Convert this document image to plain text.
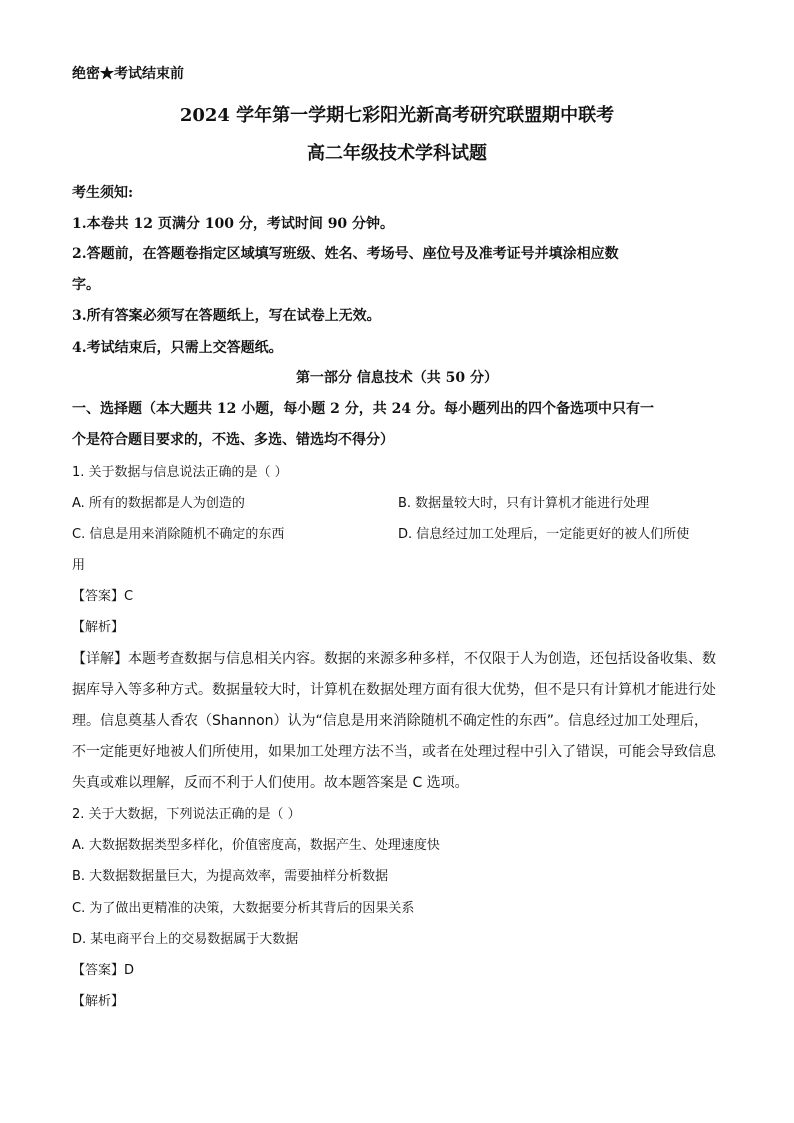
绝密★考试结束前
2024 学年第一学期七彩阳光新高考研究联盟期中联考
高二年级技术学科试题
考生须知:
1.本卷共 12 页满分 100 分，考试时间 90 分钟。
2.答题前，在答题卷指定区域填写班级、姓名、考场号、座位号及准考证号并填涂相应数
字。
3.所有答案必须写在答题纸上，写在试卷上无效。
4.考试结束后，只需上交答题纸。
第一部分 信息技术（共 50 分）
一、选择题（本大题共 12 小题，每小题 2 分，共 24 分。每小题列出的四个备选项中只有一
个是符合题目要求的，不选、多选、错选均不得分）
1. 关于数据与信息说法正确的是（ ）
A. 所有的数据都是人为创造的	B. 数据量较大时，只有计算机才能进行处理
C. 信息是用来消除随机不确定的东西	D. 信息经过加工处理后，一定能更好的被人们所使
用
【答案】C
【解析】
【详解】本题考查数据与信息相关内容。数据的来源多种多样，不仅限于人为创造，还包括设备收集、数据库导入等多种方式。数据量较大时，计算机在数据处理方面有很大优势，但不是只有计算机才能进行处理。信息奠基人香农（Shannon）认为“信息是用来消除随机不确定性的东西”。信息经过加工处理后，不一定能更好地被人们所使用，如果加工处理方法不当，或者在处理过程中引入了错误，可能会导致信息失真或难以理解，反而不利于人们使用。故本题答案是 C 选项。
2. 关于大数据，下列说法正确的是（ ）
A. 大数据数据类型多样化，价值密度高，数据产生、处理速度快
B. 大数据数据量巨大，为提高效率，需要抽样分析数据
C. 为了做出更精准的决策，大数据要分析其背后的因果关系
D. 某电商平台上的交易数据属于大数据
【答案】D
【解析】
